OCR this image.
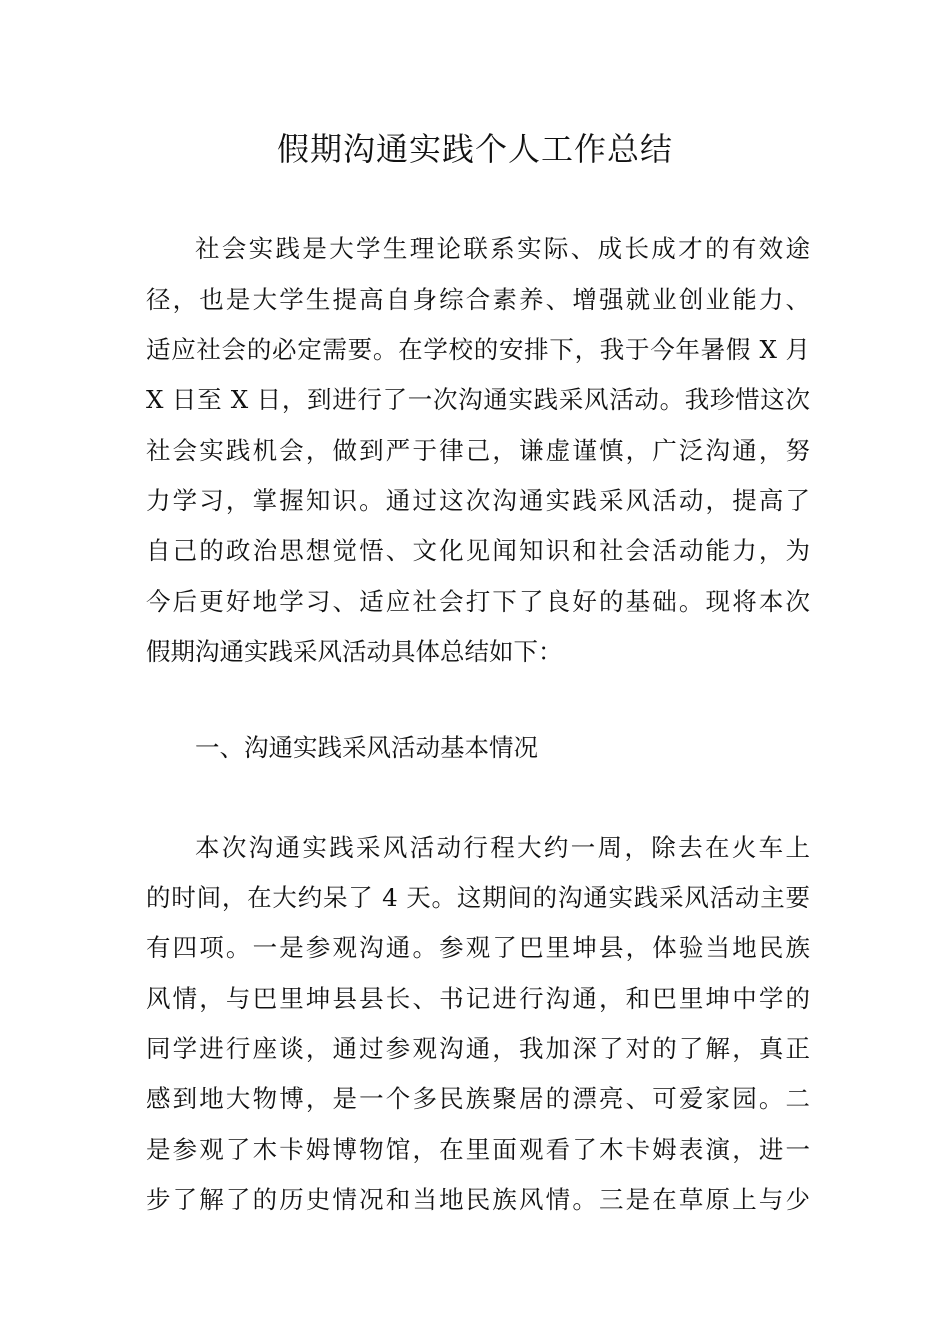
假期沟通实践个人工作总结
社会实践是大学生理论联系实际、成长成才的有效途
径，也是大学生提高自身综合素养、增强就业创业能力、
适应社会的必定需要。在学校的安排下，我于今年暑假 X 月
X 日至 X 日，到进行了一次沟通实践采风活动。我珍惜这次
社会实践机会，做到严于律己，谦虚谨慎，广泛沟通，努
力学习，掌握知识。通过这次沟通实践采风活动，提高了
自己的政治思想觉悟、文化见闻知识和社会活动能力，为
今后更好地学习、适应社会打下了良好的基础。现将本次
假期沟通实践采风活动具体总结如下：
一、沟通实践采风活动基本情况
本次沟通实践采风活动行程大约一周，除去在火车上
的时间，在大约呆了 4 天。这期间的沟通实践采风活动主要
有四项。一是参观沟通。参观了巴里坤县，体验当地民族
风情，与巴里坤县县长、书记进行沟通，和巴里坤中学的
同学进行座谈，通过参观沟通，我加深了对的了解，真正
感到地大物博，是一个多民族聚居的漂亮、可爱家园。二
是参观了木卡姆博物馆，在里面观看了木卡姆表演，进一
步了解了的历史情况和当地民族风情。三是在草原上与少
